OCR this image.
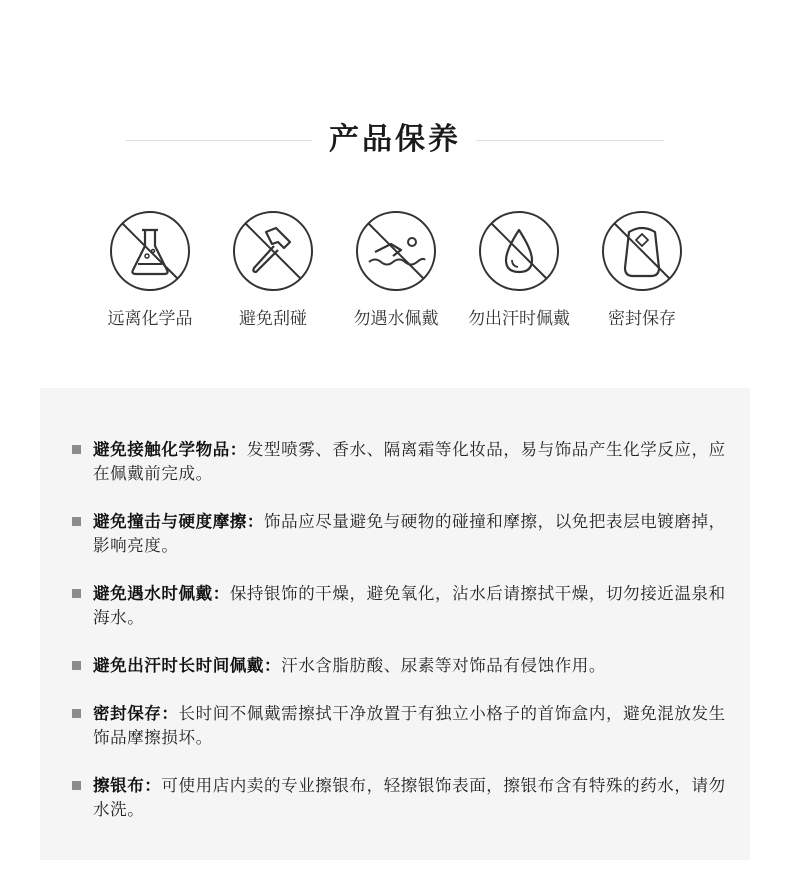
产品保养
远离化学品	避免刮碰	勿遇水佩戴	勿出汗时佩戴	密封保存
避免接触化学物品：发型喷雾、香水、隔离霜等化妆品，易与饰品产生化学反应，应在佩戴前完成。
避免撞击与硬度摩擦：饰品应尽量避免与硬物的碰撞和摩擦，以免把表层电镀磨掉，影响亮度。
避免遇水时佩戴：保持银饰的干燥，避免氧化，沾水后请擦拭干燥，切勿接近温泉和海水。
避免出汗时长时间佩戴：汗水含脂肪酸、尿素等对饰品有侵蚀作用。
密封保存：长时间不佩戴需擦拭干净放置于有独立小格子的首饰盒内，避免混放发生饰品摩擦损坏。
擦银布：可使用店内卖的专业擦银布，轻擦银饰表面，擦银布含有特殊的药水，请勿水洗。
